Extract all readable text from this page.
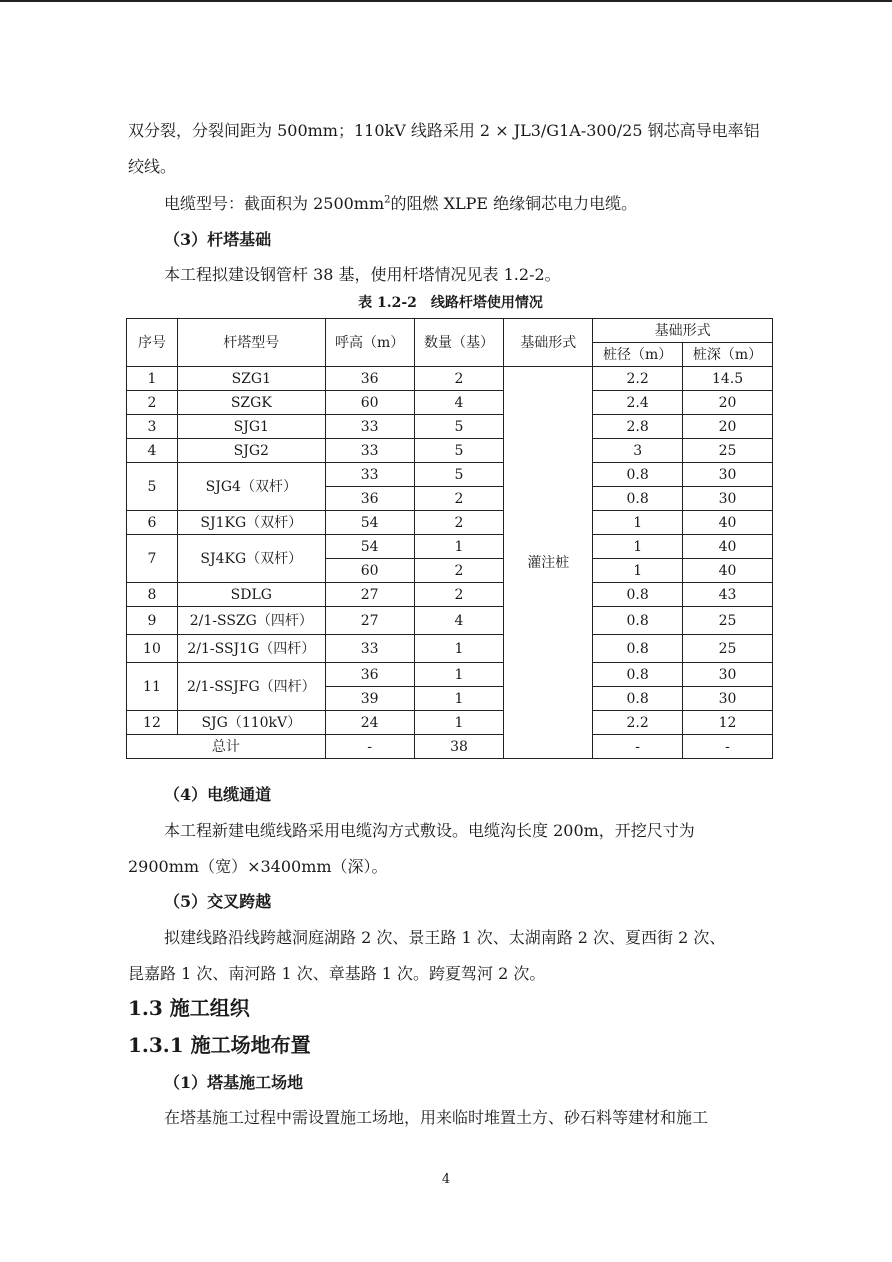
双分裂，分裂间距为 500mm；110kV 线路采用 2 × JL3/G1A-300/25 钢芯高导电率铝
绞线。
电缆型号：截面积为 $2500mm^2$的阻燃 XLPE 绝缘铜芯电力电缆。
（3）杆塔基础
本工程拟建设钢管杆 38 基，使用杆塔情况见表 1.2-2。
表 1.2-2　线路杆塔使用情况
序号	杆塔型号	呼高（m）	数量（基）	基础形式	基础形式	
					桩径（m）	桩深（m）
1	SZG1	36	2	灌注桩	2.2	14.5
2	SZGK	60	4		2.4	20
3	SJG1	33	5		2.8	20
4	SJG2	33	5		3	25
5	SJG4（双杆）	33	5		0.8	30
		36	2		0.8	30
6	SJ1KG（双杆）	54	2		1	40
7	SJ4KG（双杆）	54	1		1	40
		60	2		1	40
8	SDLG	27	2		0.8	43
9	2/1-SSZG（四杆）	27	4		0.8	25
10	2/1-SSJ1G（四杆）	33	1		0.8	25
11	2/1-SSJFG（四杆）	36	1		0.8	30
		39	1		0.8	30
12	SJG（110kV）	24	1		2.2	12
总计		-	38		-	-
（4）电缆通道
本工程新建电缆线路采用电缆沟方式敷设。电缆沟长度 200m，开挖尺寸为
2900mm（宽）×3400mm（深）。
（5）交叉跨越
拟建线路沿线跨越洞庭湖路 2 次、景王路 1 次、太湖南路 2 次、夏西街 2 次、
昆嘉路 1 次、南河路 1 次、章基路 1 次。跨夏驾河 2 次。
1.3 施工组织
1.3.1 施工场地布置
（1）塔基施工场地
在塔基施工过程中需设置施工场地，用来临时堆置土方、砂石料等建材和施工
4
